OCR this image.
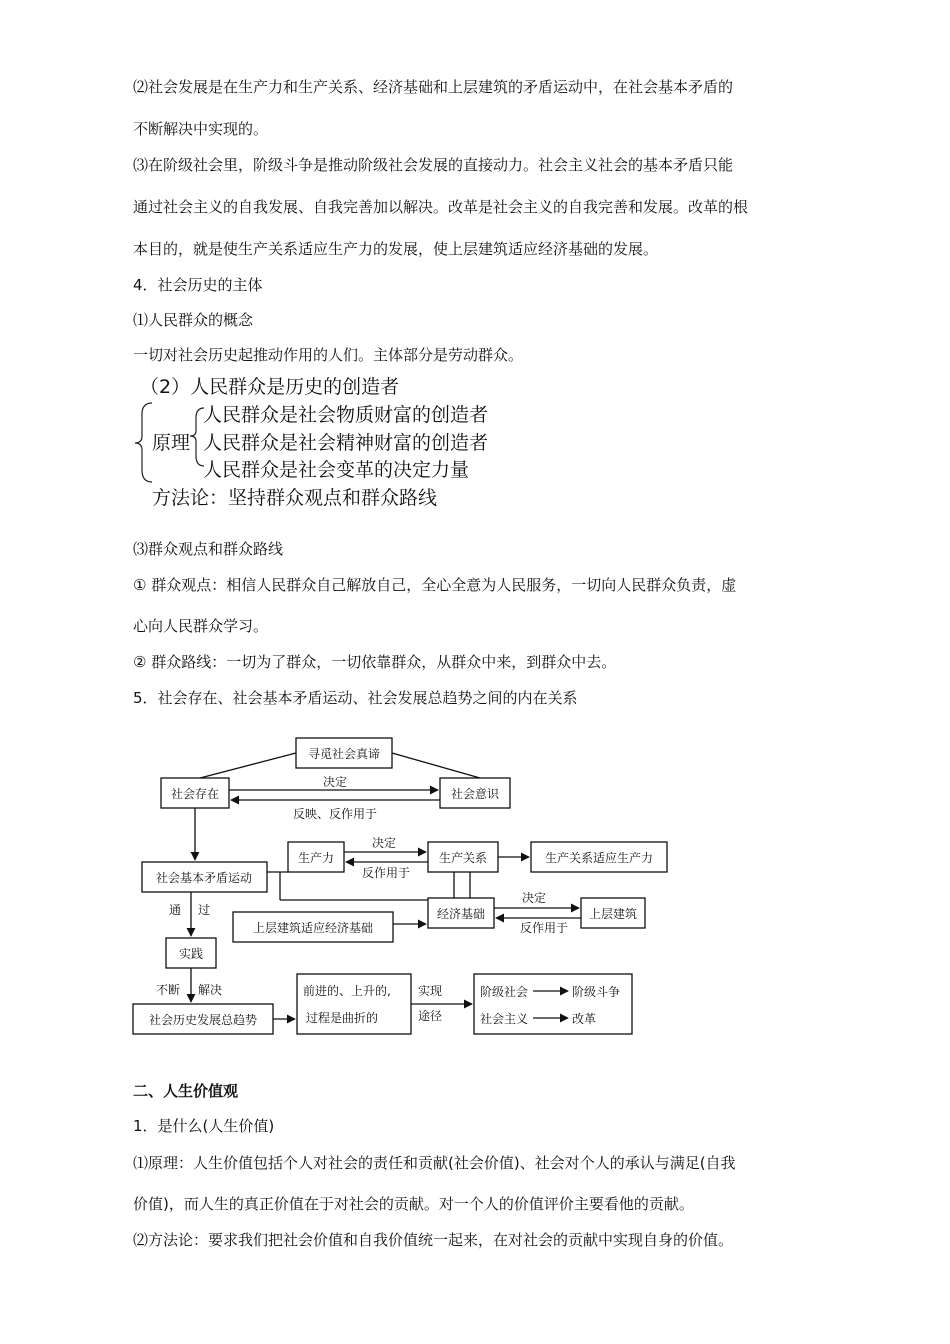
⑵社会发展是在生产力和生产关系、经济基础和上层建筑的矛盾运动中，在社会基本矛盾的

不断解决中实现的。

⑶在阶级社会里，阶级斗争是推动阶级社会发展的直接动力。社会主义社会的基本矛盾只能

通过社会主义的自我发展、自我完善加以解决。改革是社会主义的自我完善和发展。改革的根

本目的，就是使生产关系适应生产力的发展，使上层建筑适应经济基础的发展。

4．社会历史的主体

⑴人民群众的概念

一切对社会历史起推动作用的人们。主体部分是劳动群众。

（2）人民群众是历史的创造者
原理
人民群众是社会物质财富的创造者
人民群众是社会精神财富的创造者
人民群众是社会变革的决定力量
方法论：坚持群众观点和群众路线

⑶群众观点和群众路线

① 群众观点：相信人民群众自己解放自己，全心全意为人民服务，一切向人民群众负责，虚

心向人民群众学习。

② 群众路线：一切为了群众，一切依靠群众，从群众中来，到群众中去。

5．社会存在、社会基本矛盾运动、社会发展总趋势之间的内在关系

寻觅社会真谛
社会存在	社会意识
生产力	生产关系	生产关系适应生产力
社会基本矛盾运动
经济基础	上层建筑
上层建筑适应经济基础
实践
社会历史发展总趋势
前进的、上升的,
过程是曲折的
阶级社会	阶级斗争
社会主义	改革
决定
反映、反作用于
决定
反作用于
决定
反作用于
通 过
不断 解决	实现
途径

二、人生价值观

1．是什么(人生价值)

⑴原理：人生价值包括个人对社会的责任和贡献(社会价值)、社会对个人的承认与满足(自我

价值)，而人生的真正价值在于对社会的贡献。对一个人的价值评价主要看他的贡献。

⑵方法论：要求我们把社会价值和自我价值统一起来，在对社会的贡献中实现自身的价值。
